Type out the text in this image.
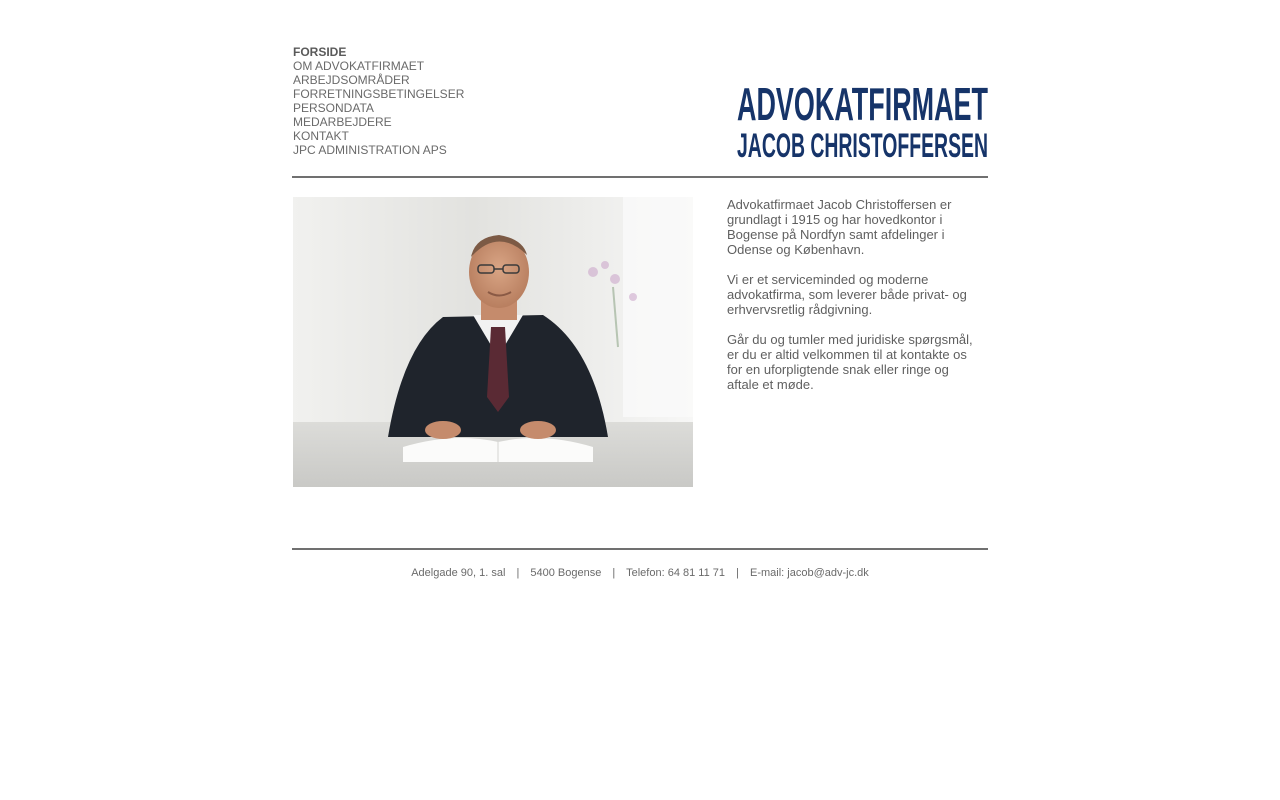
FORSIDE
OM ADVOKATFIRMAET
ARBEJDSOMRÅDER
FORRETNINGSBETINGELSER
PERSONDATA
MEDARBEJDERE
KONTAKT
JPC ADMINISTRATION APS
ADVOKATFIRMAET
JACOB CHRISTOFFERSEN

Advokatfirmaet Jacob Christoffersen er grundlagt i 1915 og har hovedkontor i Bogense på Nordfyn samt afdelinger i Odense og København.

Vi er et serviceminded og moderne advokatfirma, som leverer både privat- og erhvervsretlig rådgivning.

Går du og tumler med juridiske spørgsmål, er du er altid velkommen til at kontakte os for en uforpligtende snak eller ringe og aftale et møde.

Adelgade 90, 1. sal | 5400 Bogense | Telefon: 64 81 11 71 | E-mail: jacob@adv-jc.dk
